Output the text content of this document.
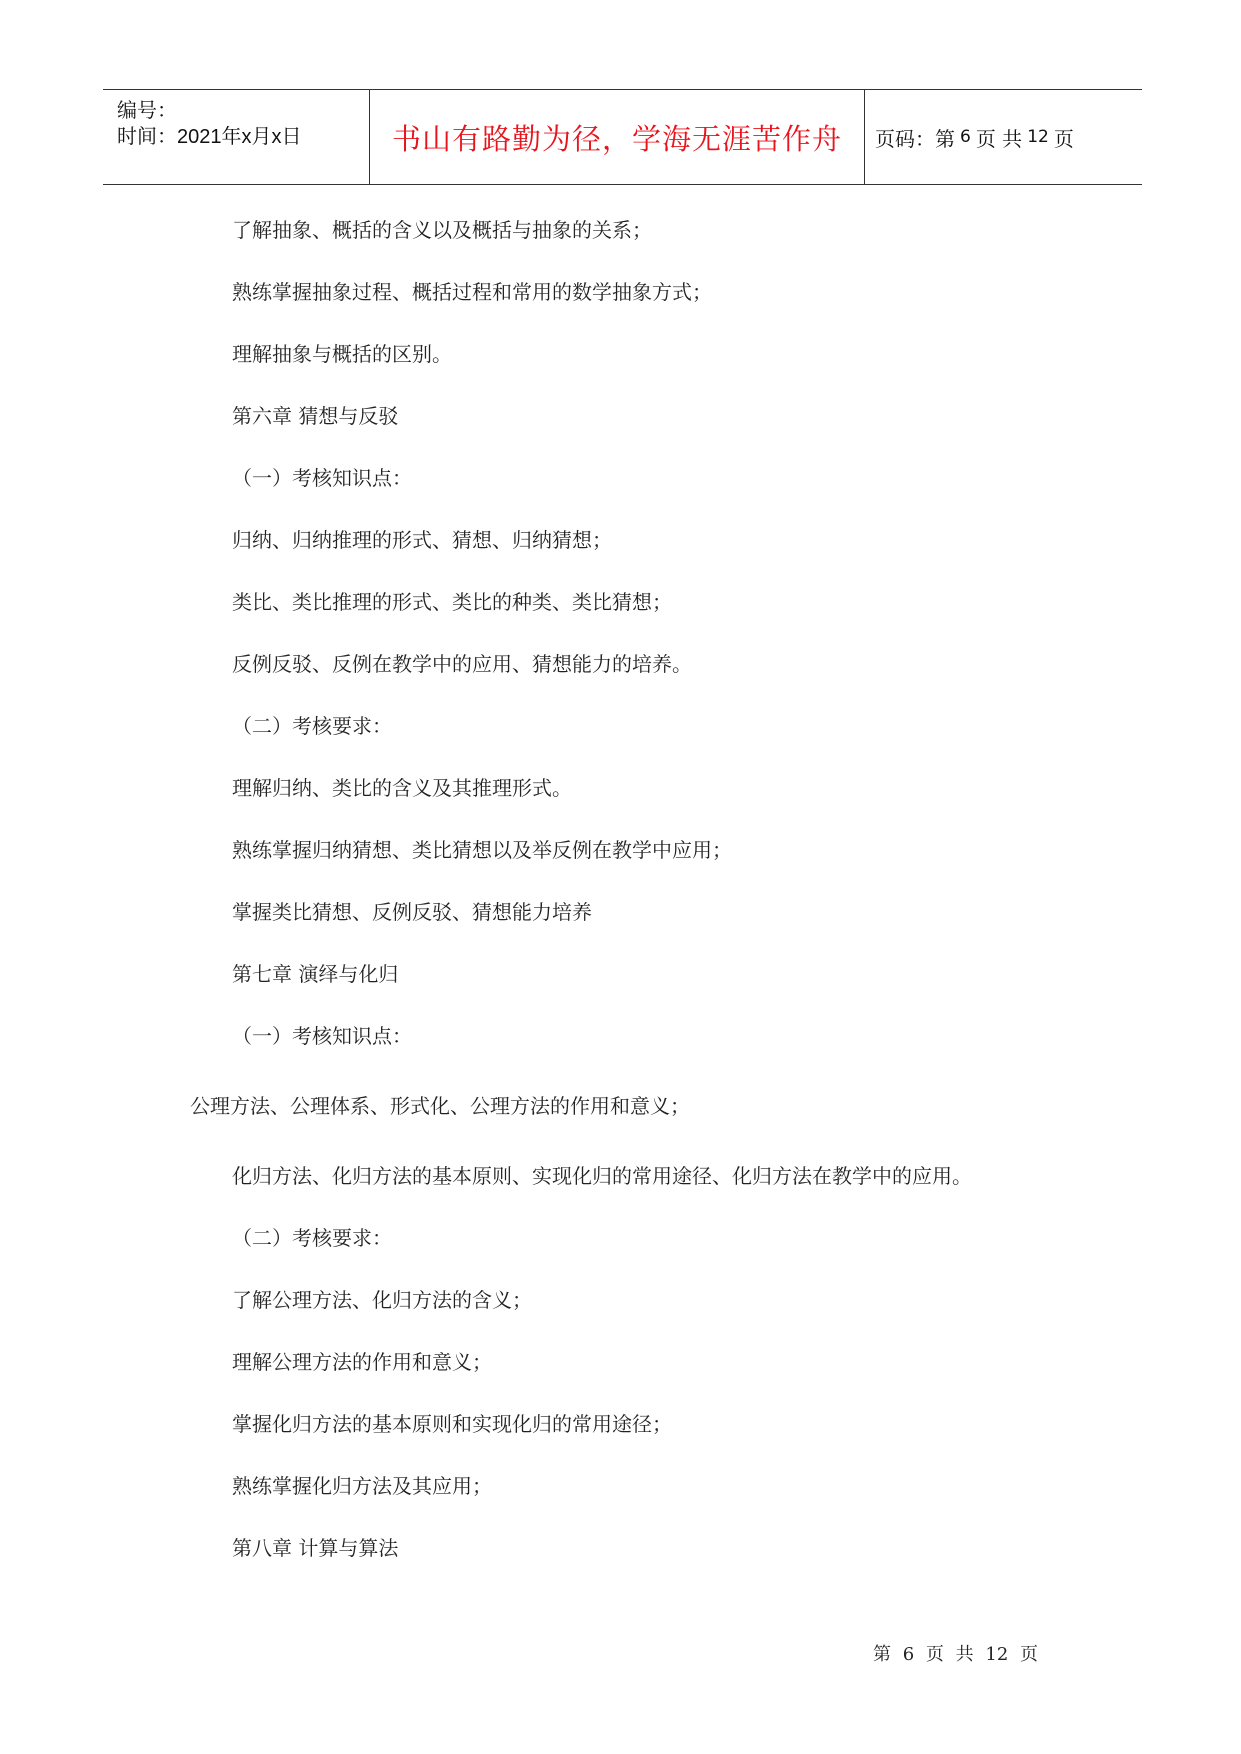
编号：
时间：2021年x月x日	书山有路勤为径，学海无涯苦作舟 页码：第 6 页 共 12 页
了解抽象、概括的含义以及概括与抽象的关系；
熟练掌握抽象过程、概括过程和常用的数学抽象方式；
理解抽象与概括的区别。
第六章 猜想与反驳
（一）考核知识点：
归纳、归纳推理的形式、猜想、归纳猜想；
类比、类比推理的形式、类比的种类、类比猜想；
反例反驳、反例在教学中的应用、猜想能力的培养。
（二）考核要求：
理解归纳、类比的含义及其推理形式。
熟练掌握归纳猜想、类比猜想以及举反例在教学中应用；
掌握类比猜想、反例反驳、猜想能力培养
第七章 演绎与化归
（一）考核知识点：
公理方法、公理体系、形式化、公理方法的作用和意义；
化归方法、化归方法的基本原则、实现化归的常用途径、化归方法在教学中的应用。
（二）考核要求：
了解公理方法、化归方法的含义；
理解公理方法的作用和意义；
掌握化归方法的基本原则和实现化归的常用途径；
熟练掌握化归方法及其应用；
第八章 计算与算法
第 6 页 共 12 页
